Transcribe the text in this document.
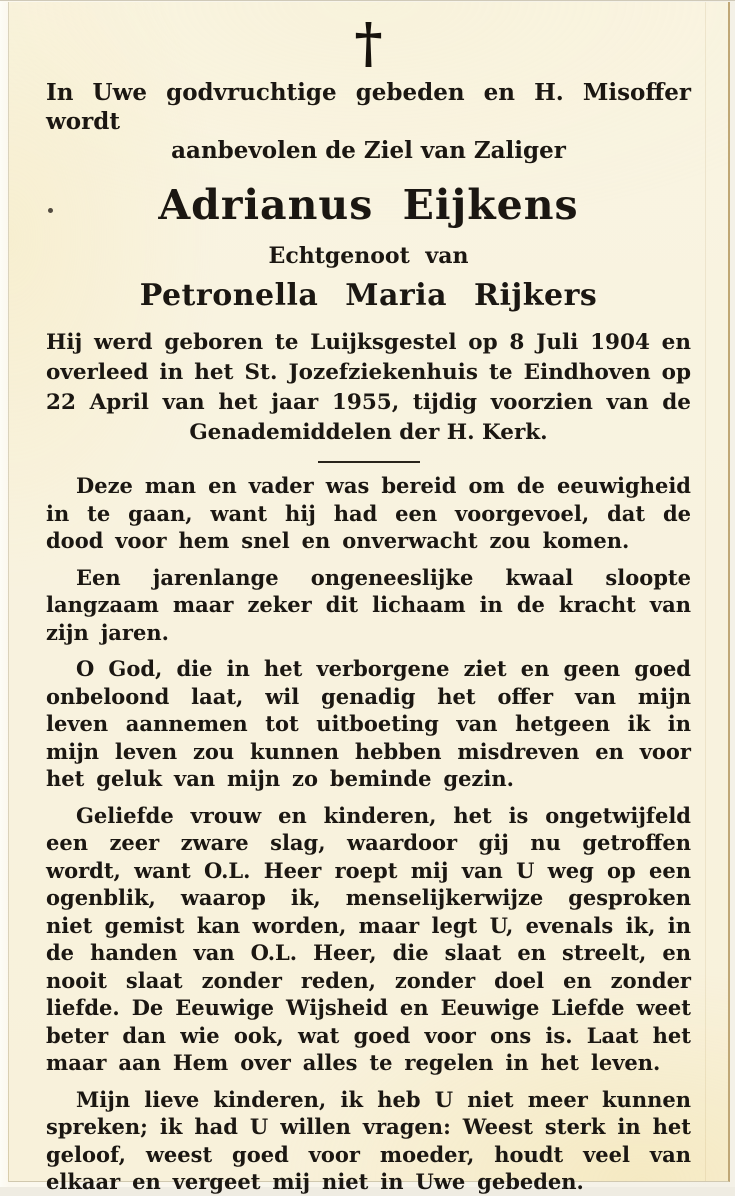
†
In Uwe godvruchtige gebeden en H. Misoffer wordt
aanbevolen de Ziel van Zaliger
Adrianus Eijkens
Echtgenoot van
Petronella Maria Rijkers
Hij werd geboren te Luijksgestel op 8 Juli 1904 en
overleed in het St. Jozefziekenhuis te Eindhoven op
22 April van het jaar 1955, tijdig voorzien van de
Genademiddelen der H. Kerk.

Deze man en vader was bereid om de eeuwigheid in te gaan, want hij had een voorgevoel, dat de dood voor hem snel en onverwacht zou komen.

Een jarenlange ongeneeslijke kwaal sloopte langzaam maar zeker dit lichaam in de kracht van zijn jaren.

O God, die in het verborgene ziet en geen goed onbeloond laat, wil genadig het offer van mijn leven aannemen tot uitboeting van hetgeen ik in mijn leven zou kunnen hebben misdreven en voor het geluk van mijn zo beminde gezin.

Geliefde vrouw en kinderen, het is ongetwijfeld een zeer zware slag, waardoor gij nu getroffen wordt, want O.L. Heer roept mij van U weg op een ogenblik, waarop ik, menselijkerwijze gesproken niet gemist kan worden, maar legt U, evenals ik, in de handen van O.L. Heer, die slaat en streelt, en nooit slaat zonder reden, zonder doel en zonder liefde. De Eeuwige Wijsheid en Eeuwige Liefde weet beter dan wie ook, wat goed voor ons is. Laat het maar aan Hem over alles te regelen in het leven.

Mijn lieve kinderen, ik heb U niet meer kunnen spreken; ik had U willen vragen: Weest sterk in het geloof, weest goed voor moeder, houdt veel van elkaar en vergeet mij niet in Uwe gebeden.
